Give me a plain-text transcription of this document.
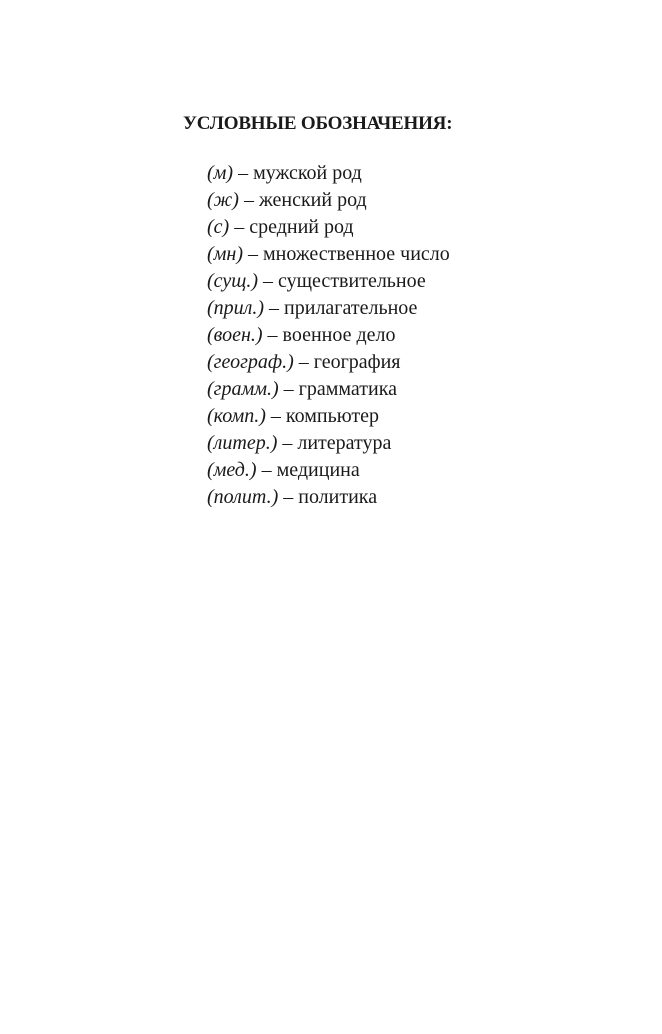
УСЛОВНЫЕ ОБОЗНАЧЕНИЯ:
(м) – мужской род
(ж) – женский род
(с) – средний род
(мн) – множественное число
(сущ.) – существительное
(прил.) – прилагательное
(воен.) – военное дело
(географ.) – география
(грамм.) – грамматика
(комп.) – компьютер
(литер.) – литература
(мед.) – медицина
(полит.) – политика
